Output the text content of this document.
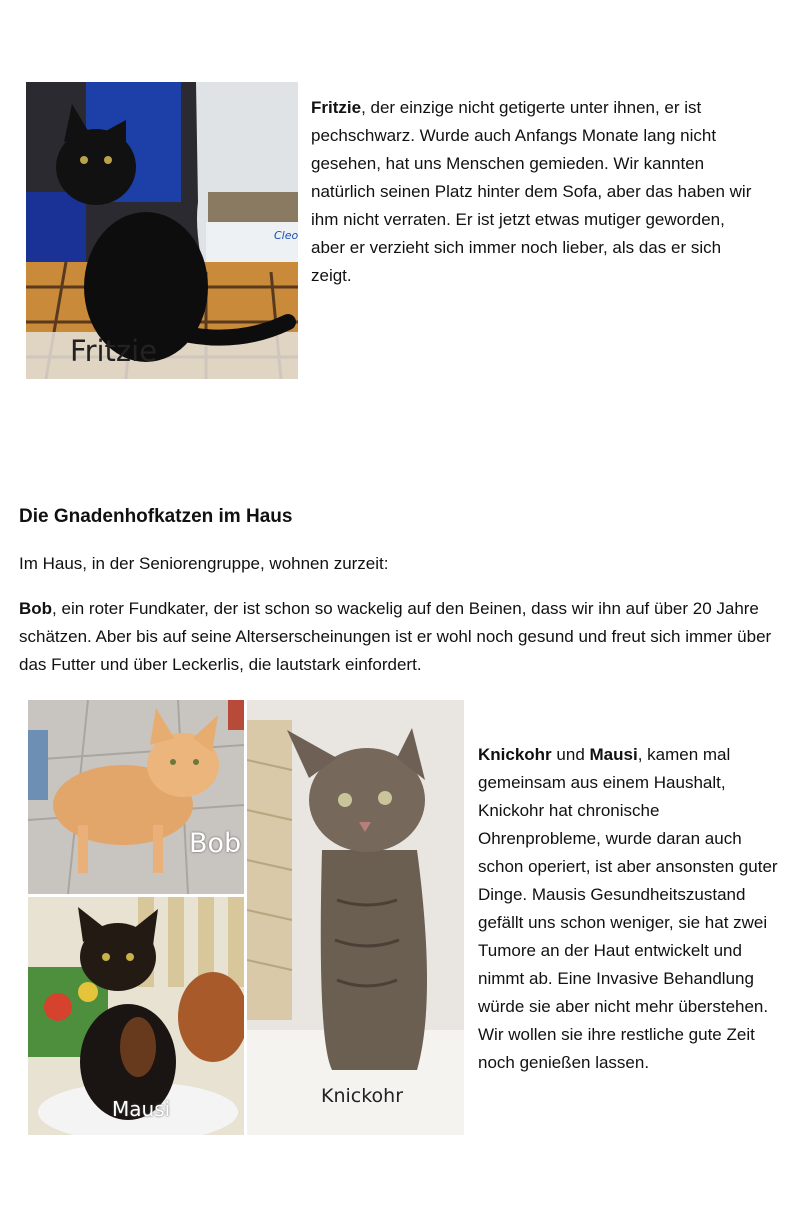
Fritzie
Cleo
Fritzie, der einzige nicht getigerte unter ihnen, er ist pechschwarz. Wurde auch Anfangs Monate lang nicht gesehen, hat uns Menschen gemieden. Wir kannten natürlich seinen Platz hinter dem Sofa, aber das haben wir ihm nicht verraten. Er ist jetzt etwas mutiger geworden, aber er verzieht sich immer noch lieber, als das er sich zeigt.
Die Gnadenhofkatzen im Haus
Im Haus, in der Seniorengruppe, wohnen zurzeit:
Bob, ein roter Fundkater, der ist schon so wackelig auf den Beinen, dass wir ihn auf über 20 Jahre schätzen. Aber bis auf seine Alterserscheinungen ist er wohl noch gesund und freut sich immer über das Futter und über Leckerlis, die lautstark einfordert.
Bob
Mausi
Knickohr
Knickohr und Mausi, kamen mal gemeinsam aus einem Haushalt, Knickohr hat chronische Ohrenprobleme, wurde daran auch schon operiert, ist aber ansonsten guter Dinge. Mausis Gesundheitszustand gefällt uns schon weniger, sie hat zwei Tumore an der Haut entwickelt und nimmt ab. Eine Invasive Behandlung würde sie aber nicht mehr überstehen. Wir wollen sie ihre restliche gute Zeit noch genießen lassen.
